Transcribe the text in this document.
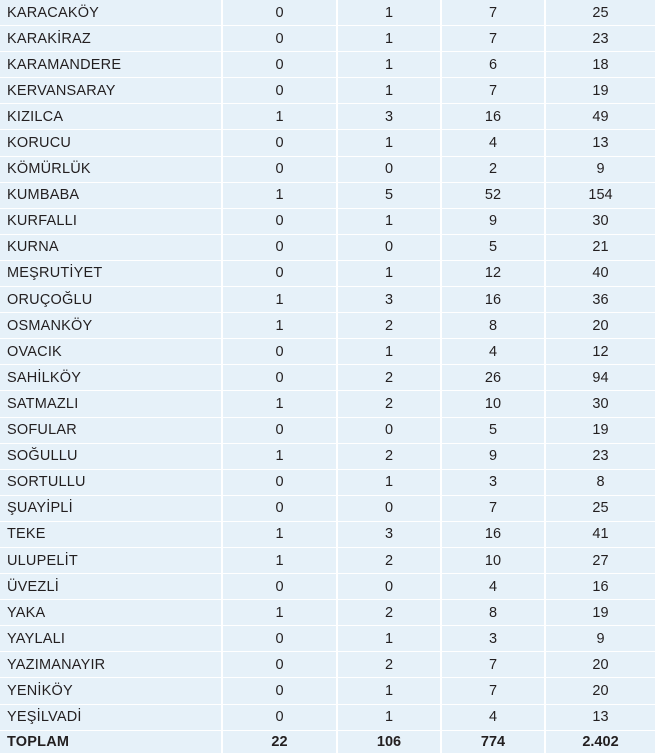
KARACAKÖY	0	1	7	25
KARAKİRAZ	0	1	7	23
KARAMANDERE	0	1	6	18
KERVANSARAY	0	1	7	19
KIZILCA	1	3	16	49
KORUCU	0	1	4	13
KÖMÜRLÜK	0	0	2	9
KUMBABA	1	5	52	154
KURFALLI	0	1	9	30
KURNA	0	0	5	21
MEŞRUTİYET	0	1	12	40
ORUÇOĞLU	1	3	16	36
OSMANKÖY	1	2	8	20
OVACIK	0	1	4	12
SAHİLKÖY	0	2	26	94
SATMAZLI	1	2	10	30
SOFULAR	0	0	5	19
SOĞULLU	1	2	9	23
SORTULLU	0	1	3	8
ŞUAYİPLİ	0	0	7	25
TEKE	1	3	16	41
ULUPELİT	1	2	10	27
ÜVEZLİ	0	0	4	16
YAKA	1	2	8	19
YAYLALI	0	1	3	9
YAZIMANAYIR	0	2	7	20
YENİKÖY	0	1	7	20
YEŞİLVADİ	0	1	4	13
TOPLAM	22	106	774	2.402
